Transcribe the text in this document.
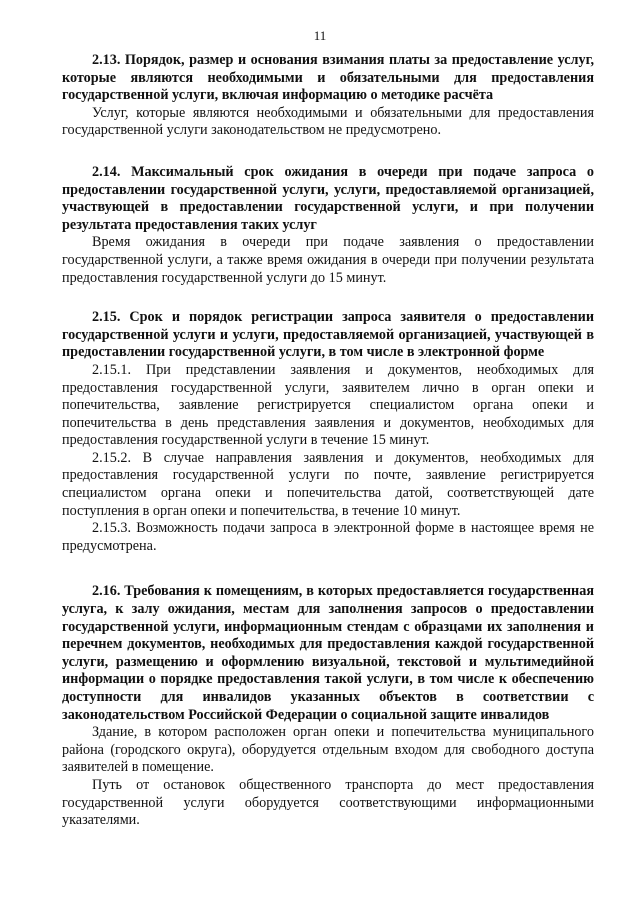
11

2.13. Порядок, размер и основания взимания платы за предоставление услуг, которые являются необходимыми и обязательными для предоставления государственной услуги, включая информацию о методике расчёта

Услуг, которые являются необходимыми и обязательными для предоставления государственной услуги законодательством не предусмотрено.

2.14. Максимальный срок ожидания в очереди при подаче запроса о предоставлении государственной услуги, услуги, предоставляемой организацией, участвующей в предоставлении государственной услуги, и при получении результата предоставления таких услуг

Время ожидания в очереди при подаче заявления о предоставлении государственной услуги, а также время ожидания в очереди при получении результата предоставления государственной услуги до 15 минут.

2.15. Срок и порядок регистрации запроса заявителя о предоставлении государственной услуги и услуги, предоставляемой организацией, участвующей в предоставлении государственной услуги, в том числе в электронной форме

2.15.1. При представлении заявления и документов, необходимых для предоставления государственной услуги, заявителем лично в орган опеки и попечительства, заявление регистрируется специалистом органа опеки и попечительства в день представления заявления и документов, необходимых для предоставления государственной услуги в течение 15 минут.

2.15.2. В случае направления заявления и документов, необходимых для предоставления государственной услуги по почте, заявление регистрируется специалистом органа опеки и попечительства датой, соответствующей дате поступления в орган опеки и попечительства, в течение 10 минут.

2.15.3. Возможность подачи запроса в электронной форме в настоящее время не предусмотрена.

2.16. Требования к помещениям, в которых предоставляется государственная услуга, к залу ожидания, местам для заполнения запросов о предоставлении государственной услуги, информационным стендам с образцами их заполнения и перечнем документов, необходимых для предоставления каждой государственной услуги, размещению и оформлению визуальной, текстовой и мультимедийной информации о порядке предоставления такой услуги, в том числе к обеспечению доступности для инвалидов указанных объектов в соответствии с законодательством Российской Федерации о социальной защите инвалидов

Здание, в котором расположен орган опеки и попечительства муниципального района (городского округа), оборудуется отдельным входом для свободного доступа заявителей в помещение.

Путь от остановок общественного транспорта до мест предоставления государственной услуги оборудуется соответствующими информационными указателями.
